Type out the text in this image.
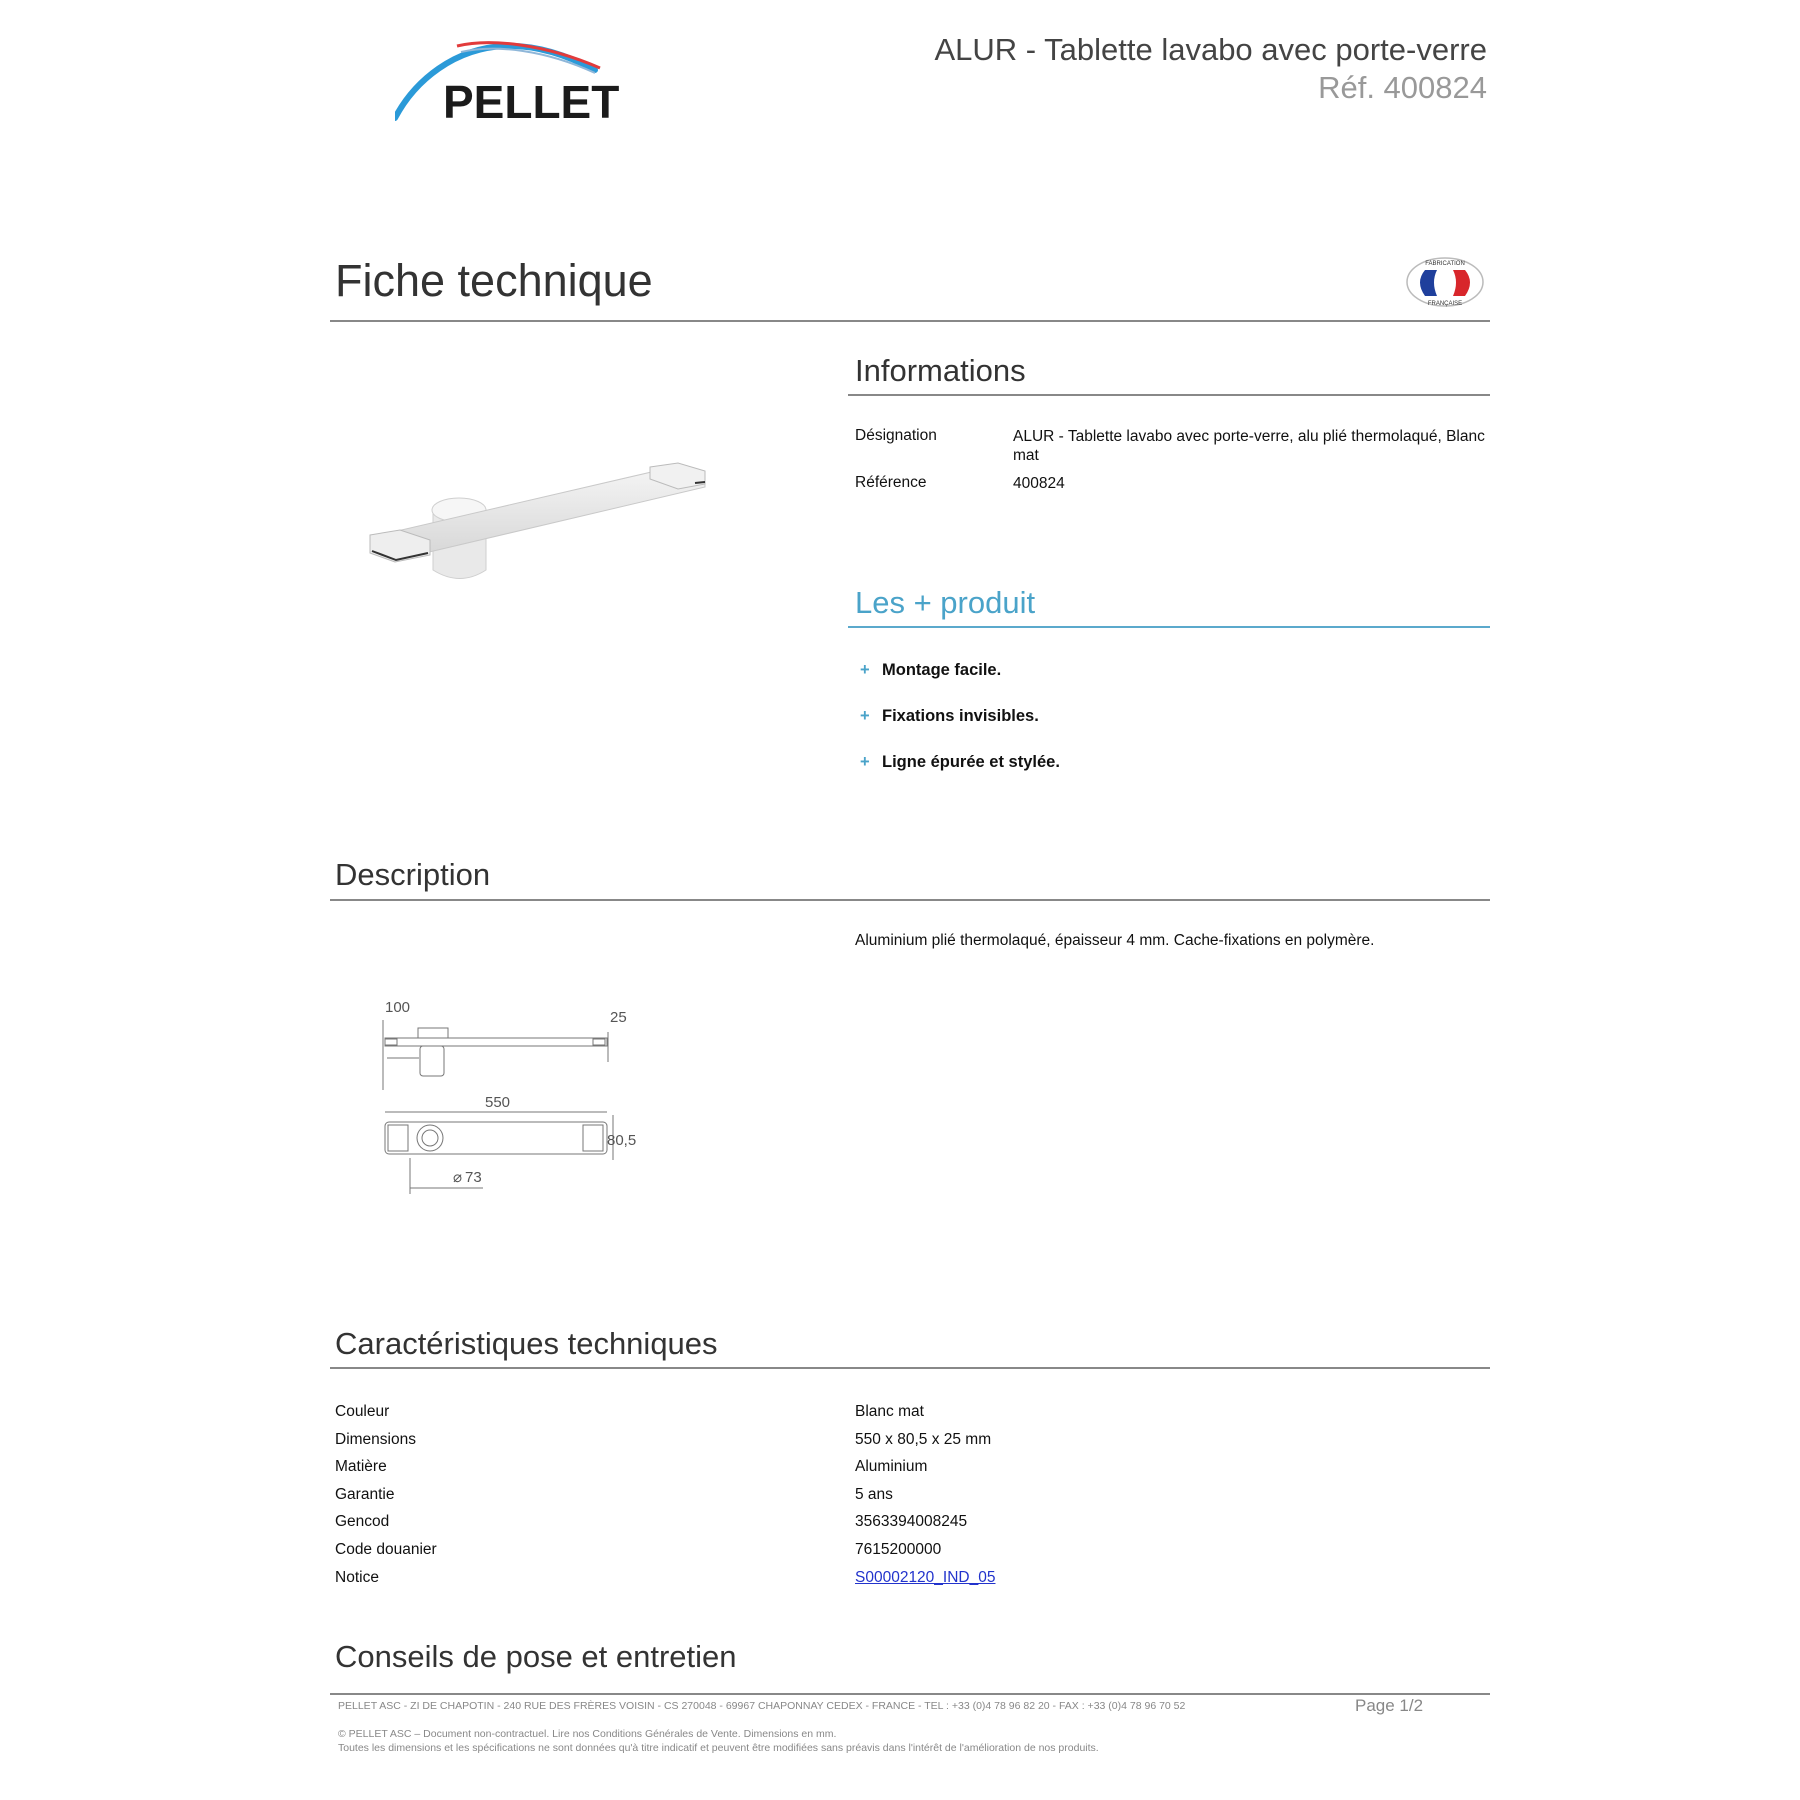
PELLET
ALUR - Tablette lavabo avec porte-verre
Réf. 400824
Fiche technique	FABRICATION
FRANÇAISE
Informations
Désignation	ALUR - Tablette lavabo avec porte-verre, alu plié thermolaqué, Blanc mat
Référence	400824
Les + produit
+ Montage facile.
+ Fixations invisibles.
+ Ligne épurée et stylée.
Description
Aluminium plié thermolaqué, épaisseur 4 mm. Cache-fixations en polymère.
100
25
550
80,5
⌀ 73
Caractéristiques techniques
Couleur	Blanc mat
Dimensions	550 x 80,5 x 25 mm
Matière	Aluminium
Garantie	5 ans
Gencod	3563394008245
Code douanier	7615200000
Notice	S00002120_IND_05
Conseils de pose et entretien
PELLET ASC - ZI DE CHAPOTIN - 240 RUE DES FRÈRES VOISIN - CS 270048 - 69967 CHAPONNAY CEDEX - FRANCE - TEL : +33 (0)4 78 96 82 20 - FAX : +33 (0)4 78 96 70 52	Page 1/2
© PELLET ASC – Document non-contractuel. Lire nos Conditions Générales de Vente. Dimensions en mm.
Toutes les dimensions et les spécifications ne sont données qu'à titre indicatif et peuvent être modifiées sans préavis dans l'intérêt de l'amélioration de nos produits.
